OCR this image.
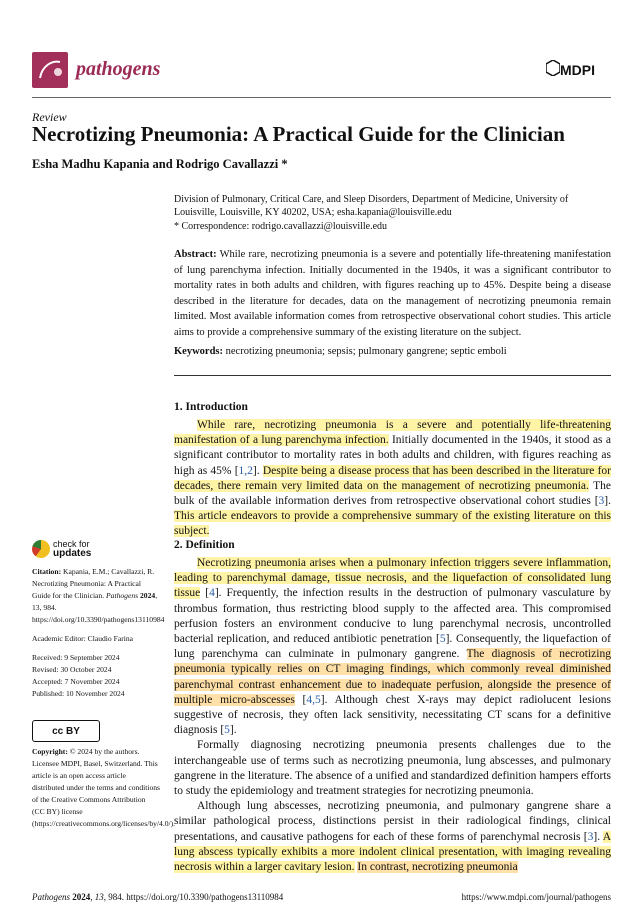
pathogens	MDPI
Review
Necrotizing Pneumonia: A Practical Guide for the Clinician
Esha Madhu Kapania and Rodrigo Cavallazzi *
Division of Pulmonary, Critical Care, and Sleep Disorders, Department of Medicine, University of Louisville, Louisville, KY 40202, USA; esha.kapania@louisville.edu
* Correspondence: rodrigo.cavallazzi@louisville.edu
Abstract: While rare, necrotizing pneumonia is a severe and potentially life-threatening manifestation of lung parenchyma infection. Initially documented in the 1940s, it was a significant contributor to mortality rates in both adults and children, with figures reaching up to 45%. Despite being a disease described in the literature for decades, data on the management of necrotizing pneumonia remain limited. Most available information comes from retrospective observational cohort studies. This article aims to provide a comprehensive summary of the existing literature on the subject.
Keywords: necrotizing pneumonia; sepsis; pulmonary gangrene; septic emboli
1. Introduction

While rare, necrotizing pneumonia is a severe and potentially life-threatening manifestation of a lung parenchyma infection. Initially documented in the 1940s, it stood as a significant contributor to mortality rates in both adults and children, with figures reaching as high as 45% [1,2]. Despite being a disease process that has been described in the literature for decades, there remain very limited data on the management of necrotizing pneumonia. The bulk of the available information derives from retrospective observational cohort studies [3]. This article endeavors to provide a comprehensive summary of the existing literature on this subject.

2. Definition

Necrotizing pneumonia arises when a pulmonary infection triggers severe inflammation, leading to parenchymal damage, tissue necrosis, and the liquefaction of consolidated lung tissue [4]. Frequently, the infection results in the destruction of pulmonary vasculature by thrombus formation, thus restricting blood supply to the affected area. This compromised perfusion fosters an environment conducive to lung parenchymal necrosis, uncontrolled bacterial replication, and reduced antibiotic penetration [5]. Consequently, the liquefaction of lung parenchyma can culminate in pulmonary gangrene. The diagnosis of necrotizing pneumonia typically relies on CT imaging findings, which commonly reveal diminished parenchymal contrast enhancement due to inadequate perfusion, alongside the presence of multiple micro-abscesses [4,5]. Although chest X-rays may depict radiolucent lesions suggestive of necrosis, they often lack sensitivity, necessitating CT scans for a definitive diagnosis [5].

Formally diagnosing necrotizing pneumonia presents challenges due to the interchangeable use of terms such as necrotizing pneumonia, lung abscesses, and pulmonary gangrene in the literature. The absence of a unified and standardized definition hampers efforts to study the epidemiology and treatment strategies for necrotizing pneumonia.

Although lung abscesses, necrotizing pneumonia, and pulmonary gangrene share a similar pathological process, distinctions persist in their radiological findings, clinical presentations, and causative pathogens for each of these forms of parenchymal necrosis [3]. A lung abscess typically exhibits a more indolent clinical presentation, with imaging revealing necrosis within a larger cavitary lesion. In contrast, necrotizing pneumonia

check for
updates

Citation: Kapania, E.M.; Cavallazzi, R. Necrotizing Pneumonia: A Practical Guide for the Clinician. Pathogens 2024, 13, 984. https://doi.org/10.3390/pathogens13110984

Academic Editor: Claudio Farina

Received: 9 September 2024

Revised: 30 October 2024

Accepted: 7 November 2024

Published: 10 November 2024

cc BY
Copyright: © 2024 by the authors. Licensee MDPI, Basel, Switzerland. This article is an open access article distributed under the terms and conditions of the Creative Commons Attribution (CC BY) license (https://creativecommons.org/licenses/by/4.0/).
Pathogens 2024, 13, 984. https://doi.org/10.3390/pathogens13110984	https://www.mdpi.com/journal/pathogens
